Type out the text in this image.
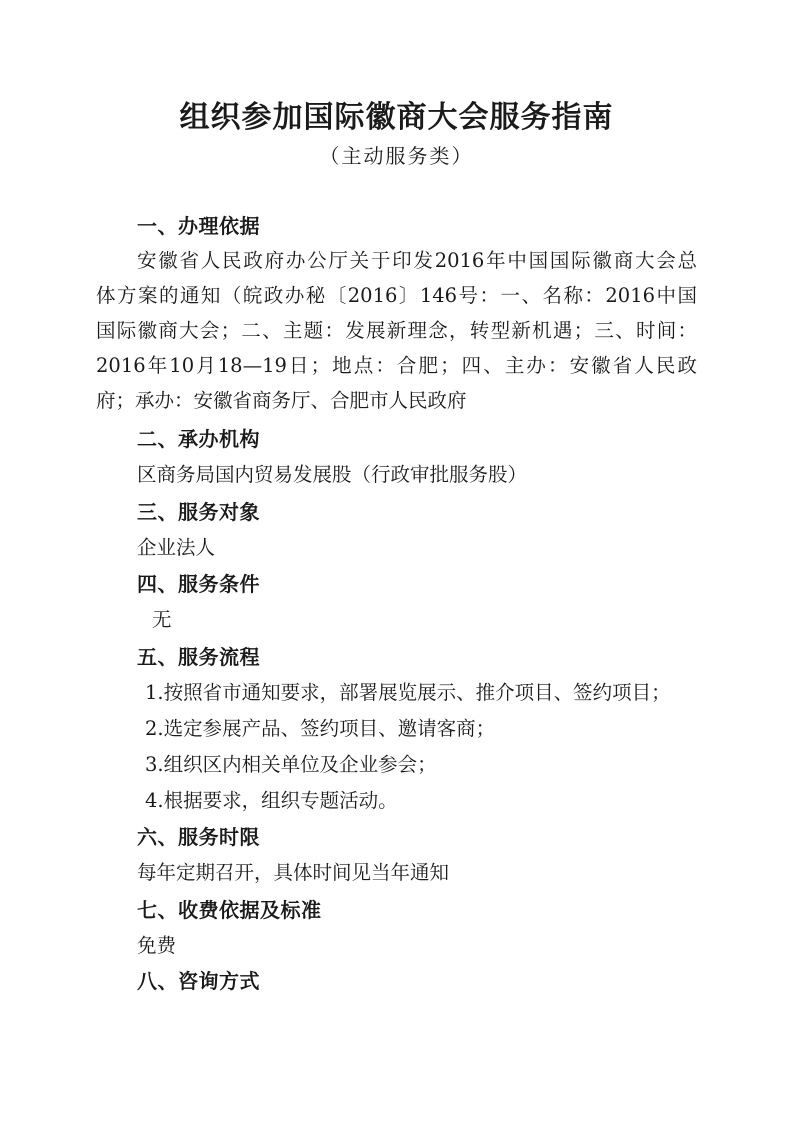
组织参加国际徽商大会服务指南
（主动服务类）
一、办理依据
安徽省人民政府办公厅关于印发2016年中国国际徽商大会总
体方案的通知（皖政办秘〔2016〕146号：一、名称：2016中国
国际徽商大会；二、主题：发展新理念，转型新机遇；三、时间：
2016年10月18—19日；地点：合肥；四、主办：安徽省人民政
府；承办：安徽省商务厅、合肥市人民政府
二、承办机构
区商务局国内贸易发展股（行政审批服务股）
三、服务对象
企业法人
四、服务条件
无
五、服务流程
1.按照省市通知要求，部署展览展示、推介项目、签约项目；
2.选定参展产品、签约项目、邀请客商；
3.组织区内相关单位及企业参会；
4.根据要求，组织专题活动。
六、服务时限
每年定期召开，具体时间见当年通知
七、收费依据及标准
免费
八、咨询方式
